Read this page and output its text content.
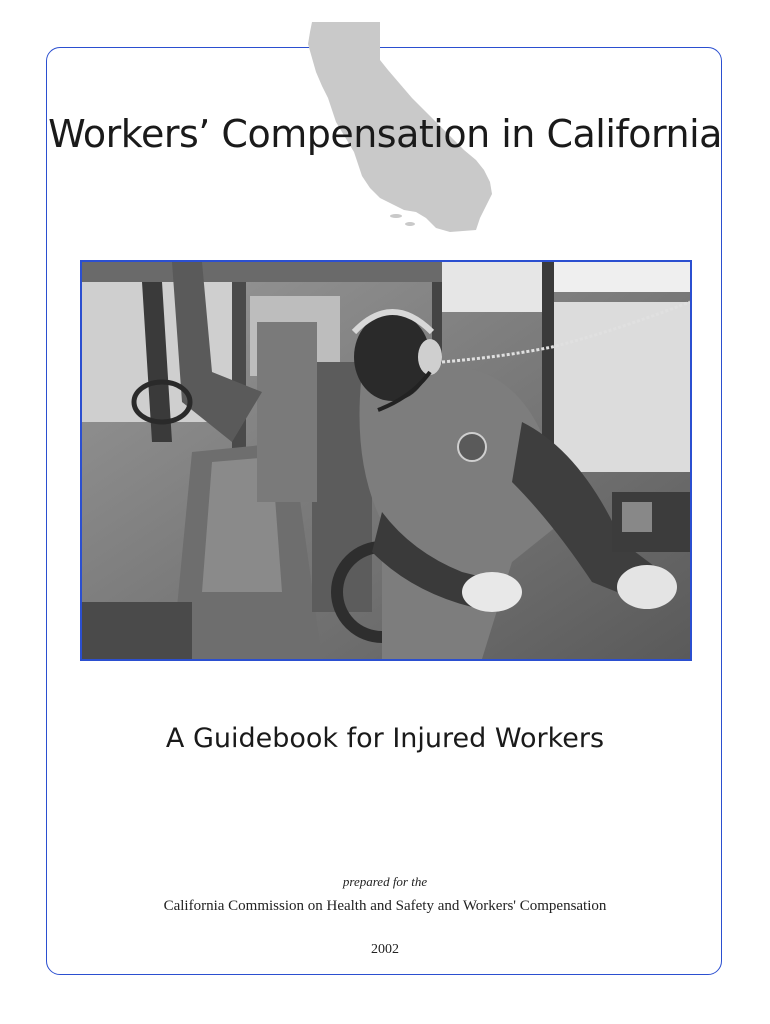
Workers’ Compensation in California
A Guidebook for Injured Workers
prepared for the
California Commission on Health and Safety and Workers' Compensation
2002
